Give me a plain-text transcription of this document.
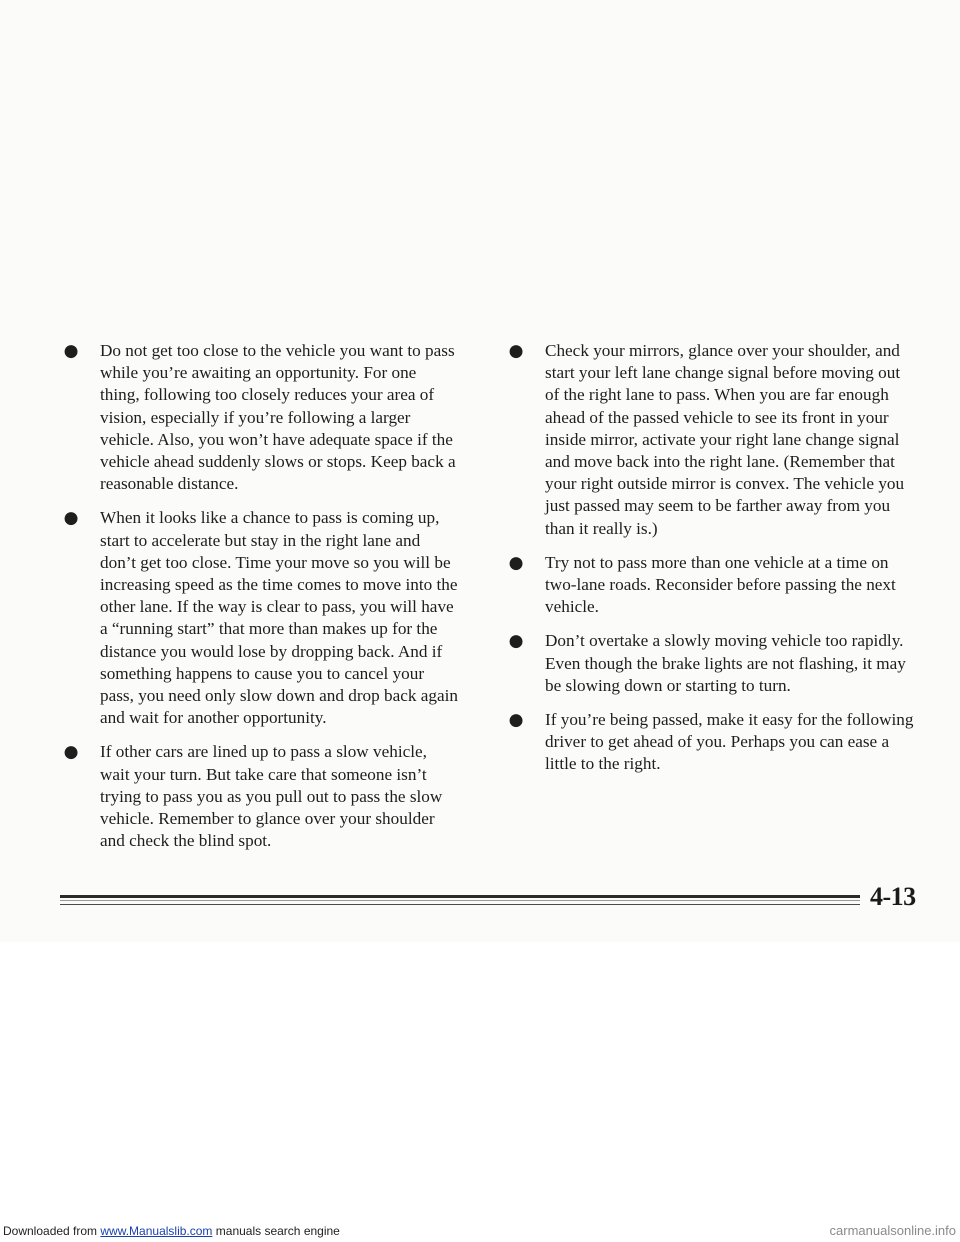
● Do not get too close to the vehicle you want to pass while you’re awaiting an opportunity. For one thing, following too closely reduces your area of vision, especially if you’re following a larger vehicle. Also, you won’t have adequate space if the vehicle ahead suddenly slows or stops. Keep back a reasonable distance.
● When it looks like a chance to pass is coming up, start to accelerate but stay in the right lane and don’t get too close. Time your move so you will be increasing speed as the time comes to move into the other lane. If the way is clear to pass, you will have a “running start” that more than makes up for the distance you would lose by dropping back. And if something happens to cause you to cancel your pass, you need only slow down and drop back again and wait for another opportunity.
● If other cars are lined up to pass a slow vehicle, wait your turn. But take care that someone isn’t trying to pass you as you pull out to pass the slow vehicle. Remember to glance over your shoulder and check the blind spot.
● Check your mirrors, glance over your shoulder, and start your left lane change signal before moving out of the right lane to pass. When you are far enough ahead of the passed vehicle to see its front in your inside mirror, activate your right lane change signal and move back into the right lane. (Remember that your right outside mirror is convex. The vehicle you just passed may seem to be farther away from you than it really is.)
● Try not to pass more than one vehicle at a time on two-lane roads. Reconsider before passing the next vehicle.
● Don’t overtake a slowly moving vehicle too rapidly. Even though the brake lights are not flashing, it may be slowing down or starting to turn.
● If you’re being passed, make it easy for the following driver to get ahead of you. Perhaps you can ease a little to the right.
4-13
Downloaded from www.Manualslib.com manuals search engine	carmanualsonline.info
